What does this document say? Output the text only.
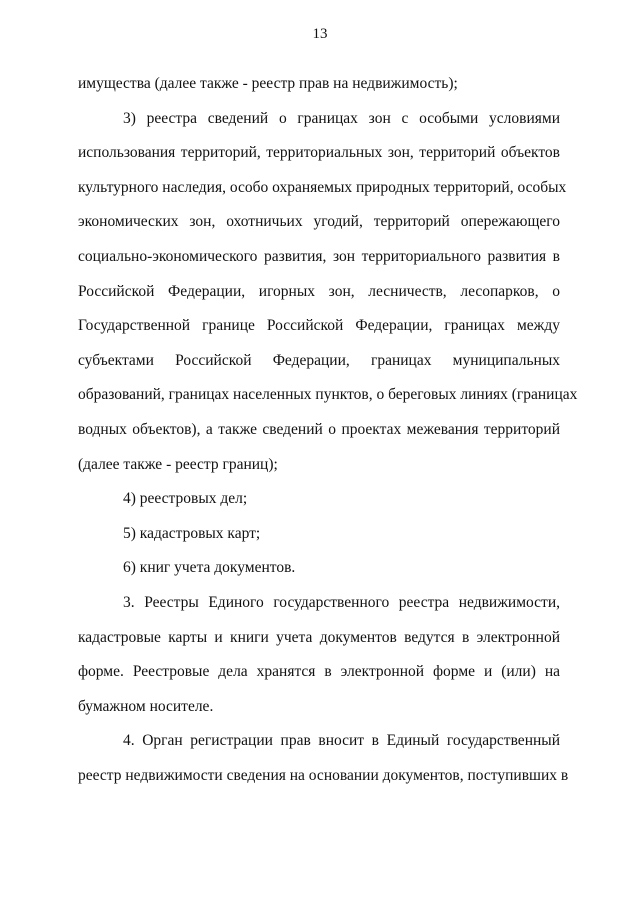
13
имущества (далее также - реестр прав на недвижимость);
3) реестра сведений о границах зон с особыми условиями
использования территорий, территориальных зон, территорий объектов
культурного наследия, особо охраняемых природных территорий, особых
экономических зон, охотничьих угодий, территорий опережающего
социально-экономического развития, зон территориального развития в
Российской Федерации, игорных зон, лесничеств, лесопарков, о
Государственной границе Российской Федерации, границах между
субъектами Российской Федерации, границах муниципальных
образований, границах населенных пунктов, о береговых линиях (границах
водных объектов), а также сведений о проектах межевания территорий
(далее также - реестр границ);
4) реестровых дел;
5) кадастровых карт;
6) книг учета документов.
3. Реестры Единого государственного реестра недвижимости,
кадастровые карты и книги учета документов ведутся в электронной
форме. Реестровые дела хранятся в электронной форме и (или) на
бумажном носителе.
4. Орган регистрации прав вносит в Единый государственный
реестр недвижимости сведения на основании документов, поступивших в
